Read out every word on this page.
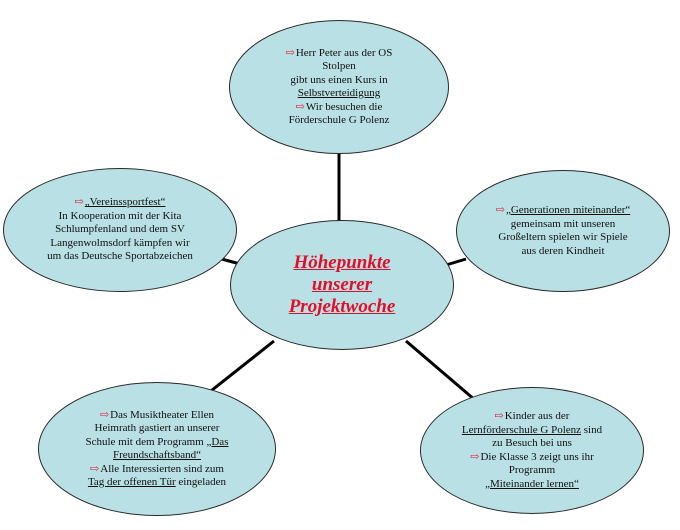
⇨Herr Peter aus der OS
Stolpen
gibt uns einen Kurs in
Selbstverteidigung
⇨Wir besuchen die
Förderschule G Polenz
⇨„Vereinssportfest“
In Kooperation mit der Kita
Schlumpfenland und dem SV
Langenwolmsdorf kämpfen wir
um das Deutsche Sportabzeichen
⇨„Generationen miteinander“
gemeinsam mit unseren
Großeltern spielen wir Spiele
aus deren Kindheit
Höhepunkte
unserer
Projektwoche
⇨Das Musiktheater Ellen
Heimrath gastiert an unserer
Schule mit dem Programm „Das
Freundschaftsband“
⇨Alle Interessierten sind zum
Tag der offenen Tür eingeladen
⇨Kinder aus der
Lernförderschule G Polenz sind
zu Besuch bei uns
⇨Die Klasse 3 zeigt uns ihr
Programm
„Miteinander lernen“
